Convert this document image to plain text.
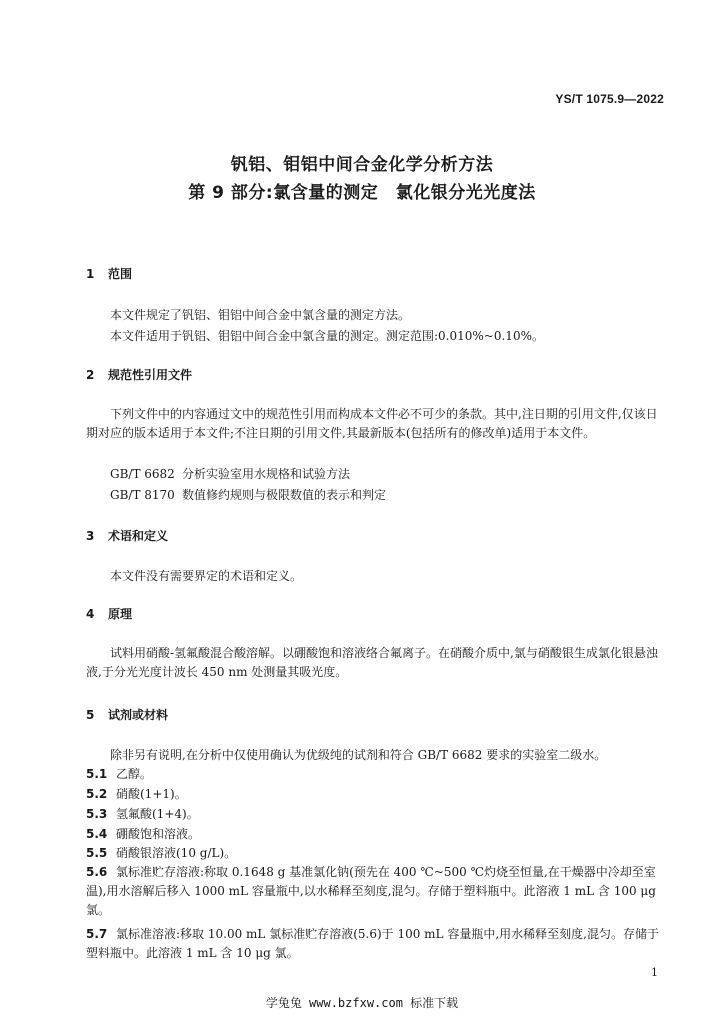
YS/T 1075.9—2022
钒铝、钼铝中间合金化学分析方法
第 9 部分:氯含量的测定　氯化银分光光度法
1 范围
本文件规定了钒铝、钼铝中间合金中氯含量的测定方法。
本文件适用于钒铝、钼铝中间合金中氯含量的测定。测定范围:0.010%~0.10%。
2 规范性引用文件
下列文件中的内容通过文中的规范性引用而构成本文件必不可少的条款。其中,注日期的引用文件,仅该日期对应的版本适用于本文件;不注日期的引用文件,其最新版本(包括所有的修改单)适用于本文件。
GB/T 6682 分析实验室用水规格和试验方法
GB/T 8170 数值修约规则与极限数值的表示和判定
3 术语和定义
本文件没有需要界定的术语和定义。
4 原理
试料用硝酸-氢氟酸混合酸溶解。以硼酸饱和溶液络合氟离子。在硝酸介质中,氯与硝酸银生成氯化银悬浊液,于分光光度计波长 450 nm 处测量其吸光度。
5 试剂或材料
除非另有说明,在分析中仅使用确认为优级纯的试剂和符合 GB/T 6682 要求的实验室二级水。
5.1 乙醇。
5.2 硝酸(1+1)。
5.3 氢氟酸(1+4)。
5.4 硼酸饱和溶液。
5.5 硝酸银溶液(10 g/L)。
5.6 氯标准贮存溶液:称取 0.1648 g 基准氯化钠(预先在 400 ℃~500 ℃灼烧至恒量,在干燥器中冷却至室温),用水溶解后移入 1000 mL 容量瓶中,以水稀释至刻度,混匀。存储于塑料瓶中。此溶液 1 mL 含 100 μg 氯。
5.7 氯标准溶液:移取 10.00 mL 氯标准贮存溶液(5.6)于 100 mL 容量瓶中,用水稀释至刻度,混匀。存储于塑料瓶中。此溶液 1 mL 含 10 μg 氯。
1
学兔兔 www.bzfxw.com 标准下载
